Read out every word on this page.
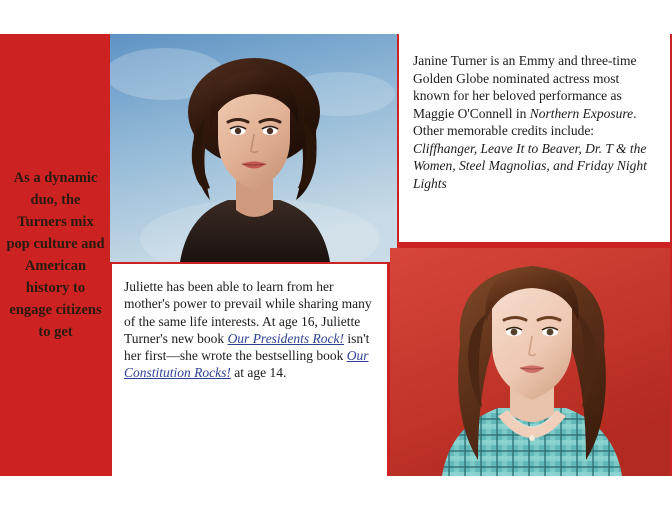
As a dynamic duo, the Turners mix pop culture and American history to engage citizens to get

Juliette has been able to learn from her mother's power to prevail while sharing many of the same life interests. At age 16, Juliette Turner's new book Our Presidents Rock! isn't her first—she wrote the bestselling book Our Constitution Rocks! at age 14.

Janine Turner is an Emmy and three-time Golden Globe nominated actress most known for her beloved performance as Maggie O'Connell in Northern Exposure. Other memorable credits include: Cliffhanger, Leave It to Beaver, Dr. T & the Women, Steel Magnolias, and Friday Night Lights
